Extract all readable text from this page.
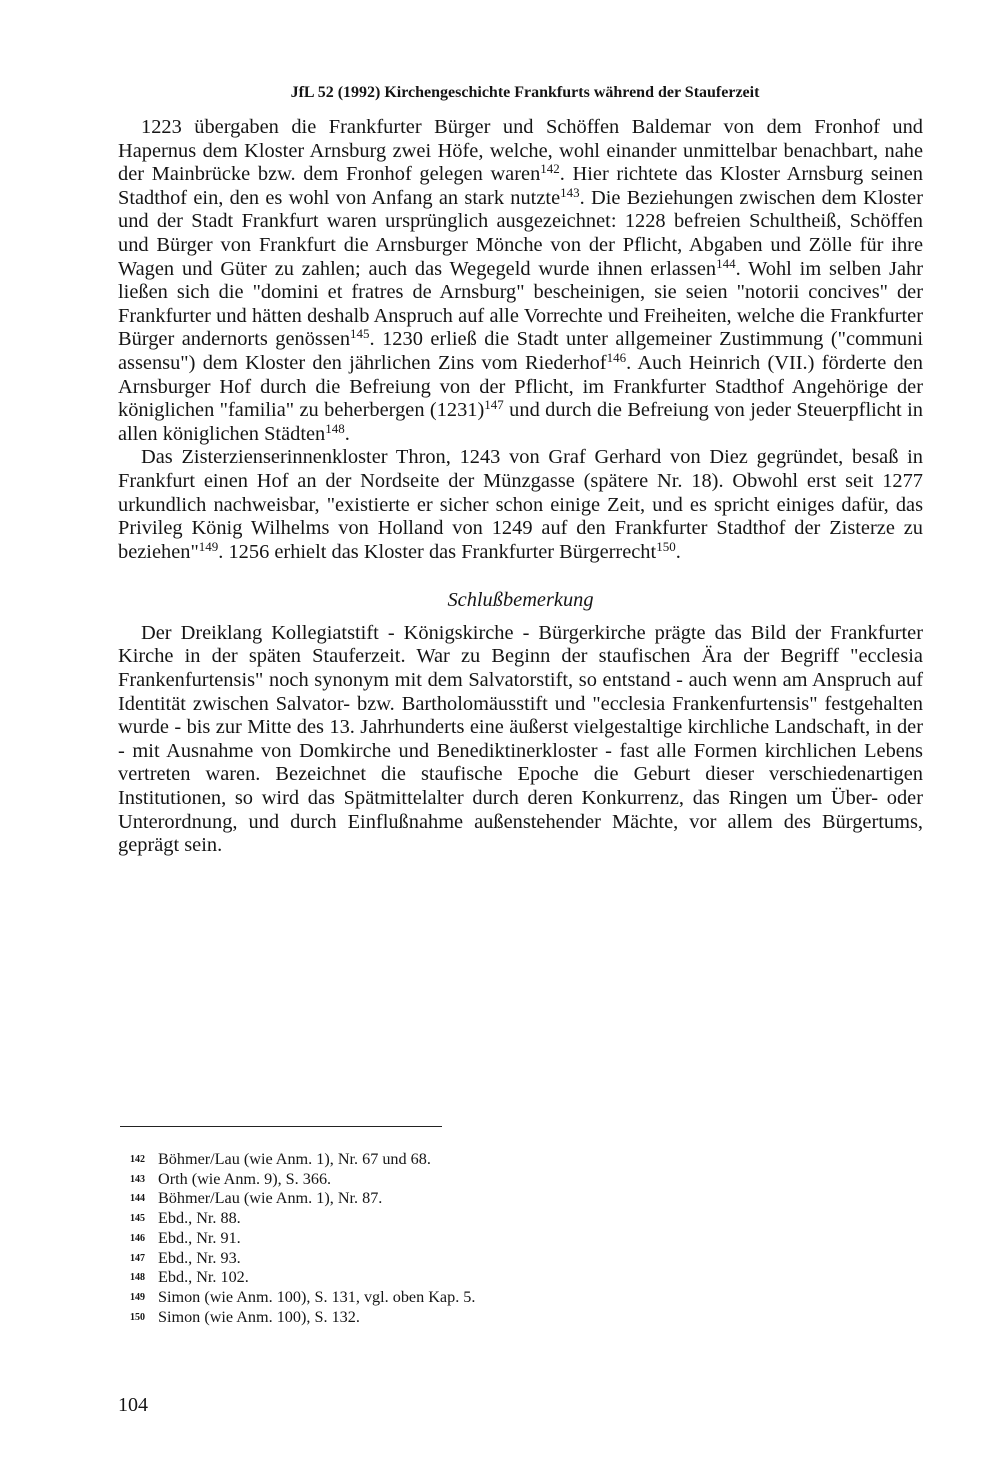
JfL 52 (1992) Kirchengeschichte Frankfurts während der Stauferzeit

1223 übergaben die Frankfurter Bürger und Schöffen Baldemar von dem Fronhof und Hapernus dem Kloster Arnsburg zwei Höfe, welche, wohl einander unmittelbar benachbart, nahe der Mainbrücke bzw. dem Fronhof gelegen waren$^{142}$. Hier richtete das Kloster Arnsburg seinen Stadthof ein, den es wohl von Anfang an stark nutzte$^{143}$. Die Beziehungen zwischen dem Kloster und der Stadt Frankfurt waren ursprünglich ausgezeichnet: 1228 befreien Schultheiß, Schöffen und Bürger von Frankfurt die Arnsburger Mönche von der Pflicht, Abgaben und Zölle für ihre Wagen und Güter zu zahlen; auch das Wegegeld wurde ihnen erlassen$^{144}$. Wohl im selben Jahr ließen sich die "domini et fratres de Arnsburg" bescheinigen, sie seien "notorii concives" der Frankfurter und hätten deshalb Anspruch auf alle Vorrechte und Freiheiten, welche die Frankfurter Bürger andernorts genössen$^{145}$. 1230 erließ die Stadt unter allgemeiner Zustimmung ("communi assensu") dem Kloster den jährlichen Zins vom Riederhof$^{146}$. Auch Heinrich (VII.) förderte den Arnsburger Hof durch die Befreiung von der Pflicht, im Frankfurter Stadthof Angehörige der königlichen "familia" zu beherbergen $(1231)^{147}$ und durch die Befreiung von jeder Steuerpflicht in allen königlichen Städten$^{148}$.

Das Zisterzienserinnenkloster Thron, 1243 von Graf Gerhard von Diez gegründet, besaß in Frankfurt einen Hof an der Nordseite der Münzgasse (spätere Nr. 18). Obwohl erst seit 1277 urkundlich nachweisbar, "existierte er sicher schon einige Zeit, und es spricht einiges dafür, das Privileg König Wilhelms von Holland von 1249 auf den Frankfurter Stadthof der Zisterze zu beziehen"$^{149}$. 1256 erhielt das Kloster das Frankfurter Bürgerrecht$^{150}$.

Schlußbemerkung

Der Dreiklang Kollegiatstift - Königskirche - Bürgerkirche prägte das Bild der Frankfurter Kirche in der späten Stauferzeit. War zu Beginn der staufischen Ära der Begriff "ecclesia Frankenfurtensis" noch synonym mit dem Salvatorstift, so entstand - auch wenn am Anspruch auf Identität zwischen Salvator- bzw. Bartholomäusstift und "ecclesia Frankenfurtensis" festgehalten wurde - bis zur Mitte des 13. Jahrhunderts eine äußerst vielgestaltige kirchliche Landschaft, in der - mit Ausnahme von Domkirche und Benediktinerkloster - fast alle Formen kirchlichen Lebens vertreten waren. Bezeichnet die staufische Epoche die Geburt dieser verschiedenartigen Institutionen, so wird das Spätmittelalter durch deren Konkurrenz, das Ringen um Über- oder Unterordnung, und durch Einflußnahme außenstehender Mächte, vor allem des Bürgertums, geprägt sein.

142 Böhmer/Lau (wie Anm. 1), Nr. 67 und 68.
143 Orth (wie Anm. 9), S. 366.
144 Böhmer/Lau (wie Anm. 1), Nr. 87.
145 Ebd., Nr. 88.
146 Ebd., Nr. 91.
147 Ebd., Nr. 93.
148 Ebd., Nr. 102.
149 Simon (wie Anm. 100), S. 131, vgl. oben Kap. 5.
150 Simon (wie Anm. 100), S. 132.
104
